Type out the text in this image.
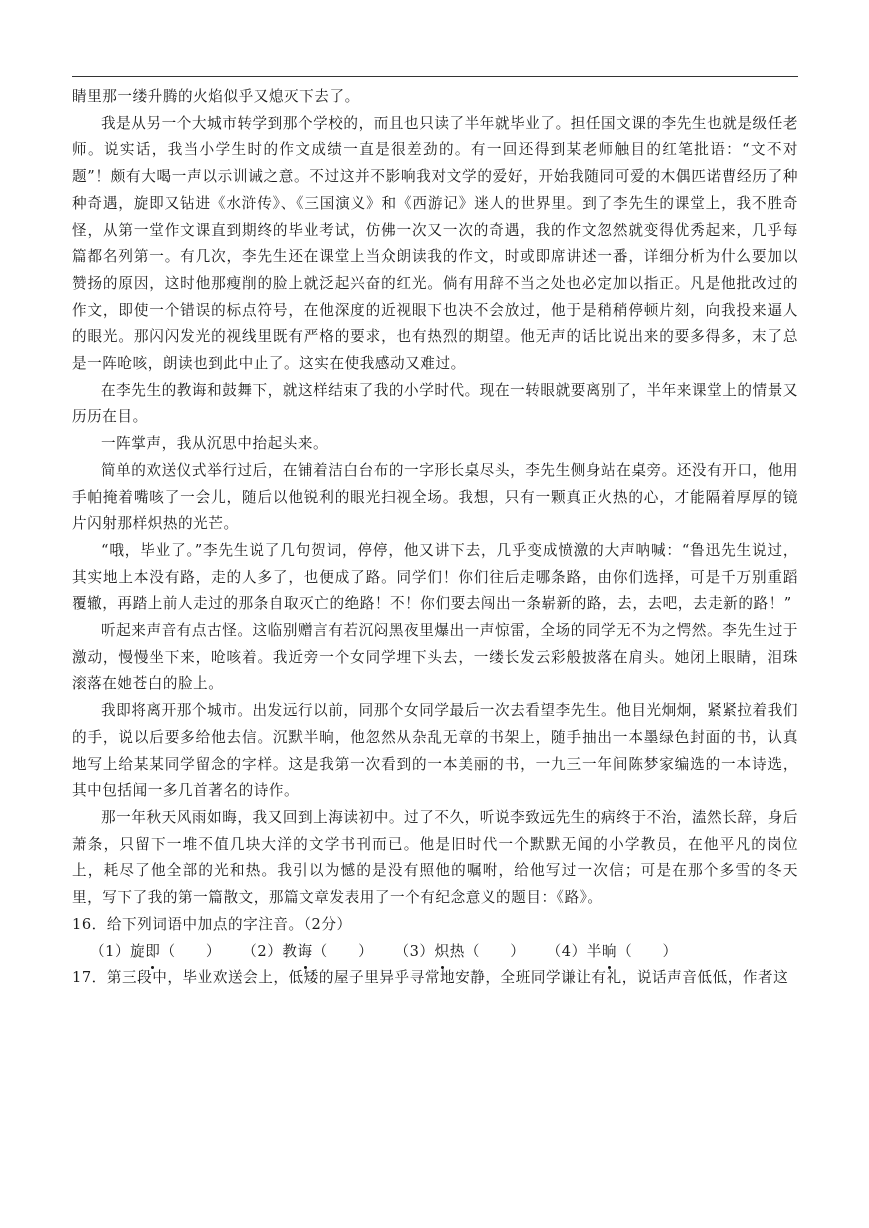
睛里那一缕升腾的火焰似乎又熄灭下去了。

我是从另一个大城市转学到那个学校的，而且也只读了半年就毕业了。担任国文课的李先生也就是级任老师。说实话，我当小学生时的作文成绩一直是很差劲的。有一回还得到某老师触目的红笔批语：“文不对题”！颇有大喝一声以示训诫之意。不过这并不影响我对文学的爱好，开始我随同可爱的木偶匹诺曹经历了种种奇遇，旋即又钻进《水浒传》、《三国演义》和《西游记》迷人的世界里。到了李先生的课堂上，我不胜奇怪，从第一堂作文课直到期终的毕业考试，仿佛一次又一次的奇遇，我的作文忽然就变得优秀起来，几乎每篇都名列第一。有几次，李先生还在课堂上当众朗读我的作文，时或即席讲述一番，详细分析为什么要加以赞扬的原因，这时他那瘦削的脸上就泛起兴奋的红光。倘有用辞不当之处也必定加以指正。凡是他批改过的作文，即使一个错误的标点符号，在他深度的近视眼下也决不会放过，他于是稍稍停顿片刻，向我投来逼人的眼光。那闪闪发光的视线里既有严格的要求，也有热烈的期望。他无声的话比说出来的要多得多，末了总是一阵呛咳，朗读也到此中止了。这实在使我感动又难过。

在李先生的教诲和鼓舞下，就这样结束了我的小学时代。现在一转眼就要离别了，半年来课堂上的情景又历历在目。

一阵掌声，我从沉思中抬起头来。

简单的欢送仪式举行过后，在铺着洁白台布的一字形长桌尽头，李先生侧身站在桌旁。还没有开口，他用手帕掩着嘴咳了一会儿，随后以他锐利的眼光扫视全场。我想，只有一颗真正火热的心，才能隔着厚厚的镜片闪射那样炽热的光芒。

“哦，毕业了。”李先生说了几句贺词，停停，他又讲下去，几乎变成愤激的大声呐喊：“鲁迅先生说过，其实地上本没有路，走的人多了，也便成了路。同学们！你们往后走哪条路，由你们选择，可是千万别重蹈覆辙，再踏上前人走过的那条自取灭亡的绝路！不！你们要去闯出一条崭新的路，去，去吧，去走新的路！”

听起来声音有点古怪。这临别赠言有若沉闷黑夜里爆出一声惊雷，全场的同学无不为之愕然。李先生过于激动，慢慢坐下来，呛咳着。我近旁一个女同学埋下头去，一缕长发云彩般披落在肩头。她闭上眼睛，泪珠滚落在她苍白的脸上。

我即将离开那个城市。出发远行以前，同那个女同学最后一次去看望李先生。他目光炯炯，紧紧拉着我们的手，说以后要多给他去信。沉默半晌，他忽然从杂乱无章的书架上，随手抽出一本墨绿色封面的书，认真地写上给某某同学留念的字样。这是我第一次看到的一本美丽的书，一九三一年间陈梦家编选的一本诗选，其中包括闻一多几首著名的诗作。

那一年秋天风雨如晦，我又回到上海读初中。过了不久，听说李致远先生的病终于不治，溘然长辞，身后萧条，只留下一堆不值几块大洋的文学书刊而已。他是旧时代一个默默无闻的小学教员，在他平凡的岗位上，耗尽了他全部的光和热。我引以为憾的是没有照他的嘱咐，给他写过一次信；可是在那个多雪的冬天里，写下了我的第一篇散文，那篇文章发表用了一个有纪念意义的题目：《路》。

16．给下列词语中加点的字注音。（2分）

（1）旋即（　　） （2）教诲（　　） （3）炽热（　　） （4）半晌（　　）

17．第三段中，毕业欢送会上，低矮的屋子里异乎寻常地安静，全班同学谦让有礼，说话声音低低，作者这
